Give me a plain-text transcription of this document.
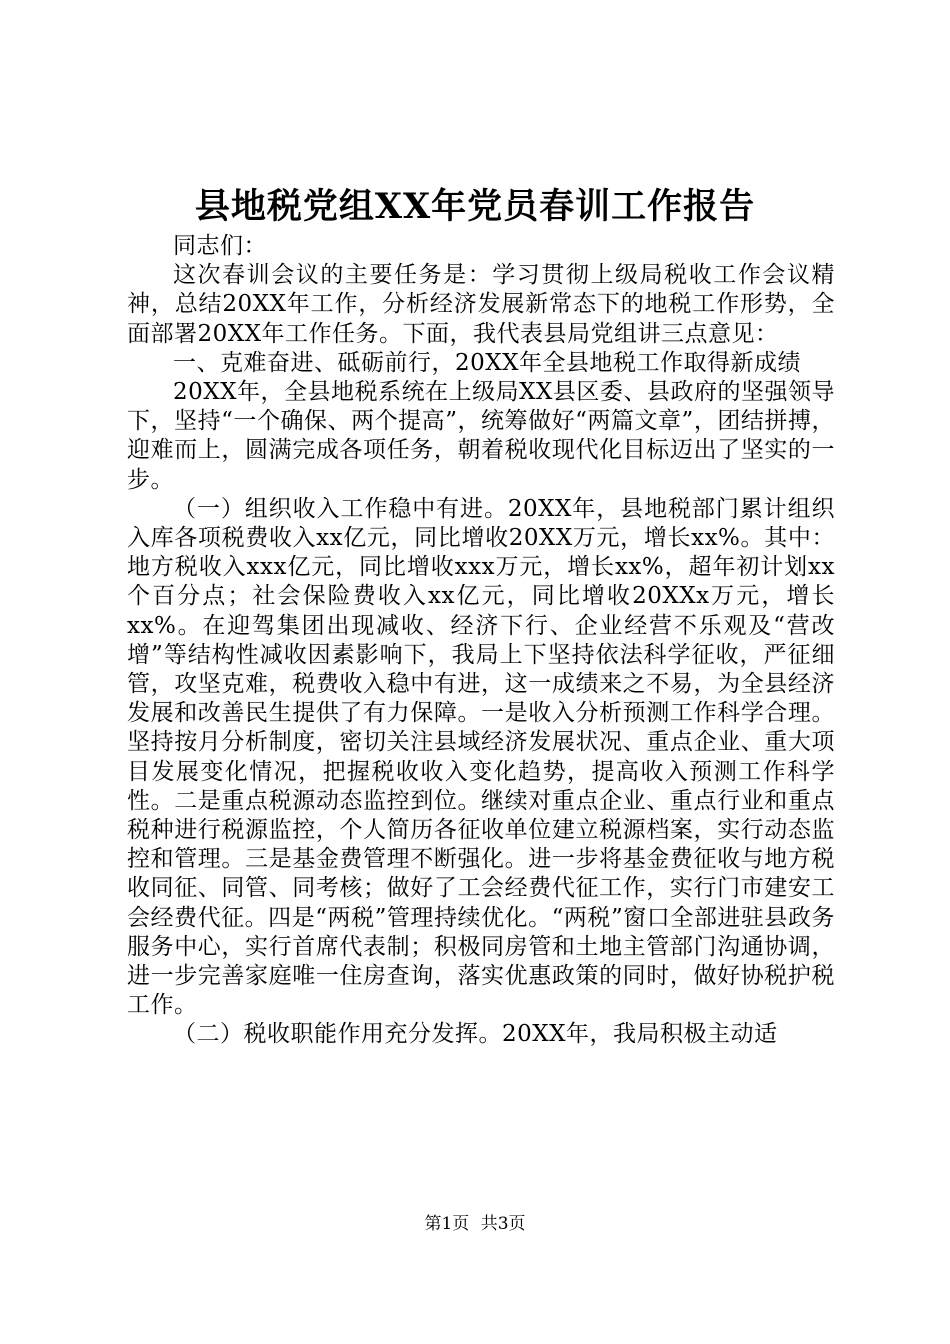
县地税党组XX年党员春训工作报告

同志们：

这次春训会议的主要任务是：学习贯彻上级局税收工作会议精神，总结20XX年工作，分析经济发展新常态下的地税工作形势，全面部署20XX年工作任务。下面，我代表县局党组讲三点意见：

一、克难奋进、砥砺前行，20XX年全县地税工作取得新成绩

20XX年，全县地税系统在上级局XX县区委、县政府的坚强领导下，坚持“一个确保、两个提高”，统筹做好“两篇文章”，团结拼搏，迎难而上，圆满完成各项任务，朝着税收现代化目标迈出了坚实的一步。

（一）组织收入工作稳中有进。20XX年，县地税部门累计组织入库各项税费收入xx亿元，同比增收20XX万元，增长xx%。其中：地方税收入xxx亿元，同比增收xxx万元，增长xx%，超年初计划xx个百分点；社会保险费收入xx亿元，同比增收20XXx万元，增长xx%。在迎驾集团出现减收、经济下行、企业经营不乐观及“营改增”等结构性减收因素影响下，我局上下坚持依法科学征收，严征细管，攻坚克难，税费收入稳中有进，这一成绩来之不易，为全县经济发展和改善民生提供了有力保障。一是收入分析预测工作科学合理。坚持按月分析制度，密切关注县域经济发展状况、重点企业、重大项目发展变化情况，把握税收收入变化趋势，提高收入预测工作科学性。二是重点税源动态监控到位。继续对重点企业、重点行业和重点税种进行税源监控，个人简历各征收单位建立税源档案，实行动态监控和管理。三是基金费管理不断强化。进一步将基金费征收与地方税收同征、同管、同考核；做好了工会经费代征工作，实行门市建安工会经费代征。四是“两税”管理持续优化。“两税”窗口全部进驻县政务服务中心，实行首席代表制；积极同房管和土地主管部门沟通协调，进一步完善家庭唯一住房查询，落实优惠政策的同时，做好协税护税工作。

（二）税收职能作用充分发挥。20XX年，我局积极主动适

第1页 共3页
